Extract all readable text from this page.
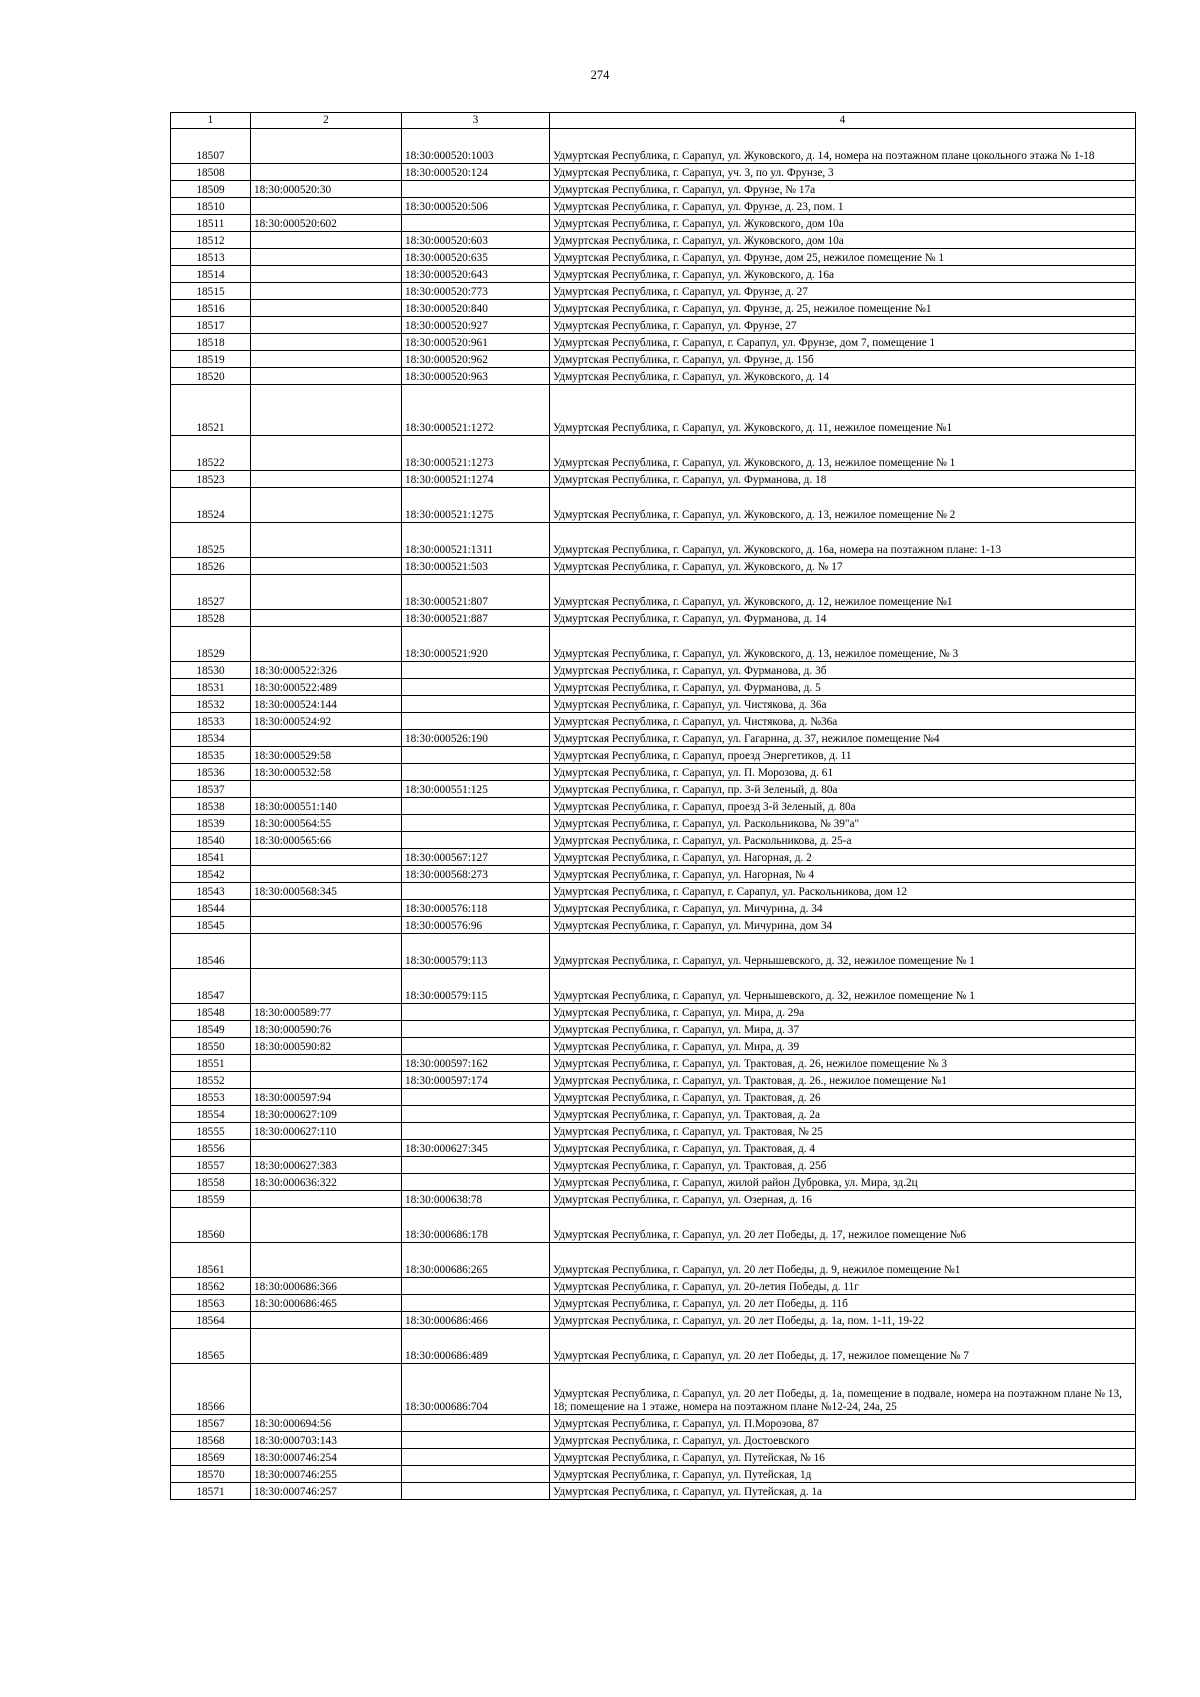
274
1	2	3	4
18507		18:30:000520:1003	Удмуртская Республика, г. Сарапул, ул. Жуковского, д. 14, номера на поэтажном плане цокольного этажа № 1-18
18508		18:30:000520:124	Удмуртская Республика, г. Сарапул, уч. 3, по ул. Фрунзе, 3
18509	18:30:000520:30		Удмуртская Республика, г. Сарапул, ул. Фрунзе, № 17а
18510		18:30:000520:506	Удмуртская Республика, г. Сарапул, ул. Фрунзе, д. 23, пом. 1
18511	18:30:000520:602		Удмуртская Республика, г. Сарапул, ул. Жуковского, дом 10а
18512		18:30:000520:603	Удмуртская Республика, г. Сарапул, ул. Жуковского, дом 10а
18513		18:30:000520:635	Удмуртская Республика, г. Сарапул, ул. Фрунзе, дом 25, нежилое помещение № 1
18514		18:30:000520:643	Удмуртская Республика, г. Сарапул, ул. Жуковского, д. 16а
18515		18:30:000520:773	Удмуртская Республика, г. Сарапул, ул. Фрунзе, д. 27
18516		18:30:000520:840	Удмуртская Республика, г. Сарапул, ул. Фрунзе, д. 25, нежилое помещение №1
18517		18:30:000520:927	Удмуртская Республика, г. Сарапул, ул. Фрунзе, 27
18518		18:30:000520:961	Удмуртская Республика, г. Сарапул, г. Сарапул, ул. Фрунзе, дом 7, помещение 1
18519		18:30:000520:962	Удмуртская Республика, г. Сарапул, ул. Фрунзе, д. 15б
18520		18:30:000520:963	Удмуртская Республика, г. Сарапул, ул. Жуковского, д. 14
18521		18:30:000521:1272	Удмуртская Республика, г. Сарапул, ул. Жуковского, д. 11, нежилое помещение №1
18522		18:30:000521:1273	Удмуртская Республика, г. Сарапул, ул. Жуковского, д. 13, нежилое помещение № 1
18523		18:30:000521:1274	Удмуртская Республика, г. Сарапул, ул. Фурманова, д. 18
18524		18:30:000521:1275	Удмуртская Республика, г. Сарапул, ул. Жуковского, д. 13, нежилое помещение № 2
18525		18:30:000521:1311	Удмуртская Республика, г. Сарапул, ул. Жуковского, д. 16а, номера на поэтажном плане: 1-13
18526		18:30:000521:503	Удмуртская Республика, г. Сарапул, ул. Жуковского, д. № 17
18527		18:30:000521:807	Удмуртская Республика, г. Сарапул, ул. Жуковского, д. 12, нежилое помещение №1
18528		18:30:000521:887	Удмуртская Республика, г. Сарапул, ул. Фурманова, д. 14
18529		18:30:000521:920	Удмуртская Республика, г. Сарапул, ул. Жуковского, д. 13, нежилое помещение, № 3
18530	18:30:000522:326		Удмуртская Республика, г. Сарапул, ул. Фурманова, д. 3б
18531	18:30:000522:489		Удмуртская Республика, г. Сарапул, ул. Фурманова, д. 5
18532	18:30:000524:144		Удмуртская Республика, г. Сарапул, ул. Чистякова, д. 36а
18533	18:30:000524:92		Удмуртская Республика, г. Сарапул, ул. Чистякова, д. №36а
18534		18:30:000526:190	Удмуртская Республика, г. Сарапул, ул. Гагарина, д. 37, нежилое помещение №4
18535	18:30:000529:58		Удмуртская Республика, г. Сарапул, проезд Энергетиков, д. 11
18536	18:30:000532:58		Удмуртская Республика, г. Сарапул, ул. П. Морозова, д. 61
18537		18:30:000551:125	Удмуртская Республика, г. Сарапул, пр. 3-й Зеленый, д. 80а
18538	18:30:000551:140		Удмуртская Республика, г. Сарапул, проезд 3-й Зеленый, д. 80а
18539	18:30:000564:55		Удмуртская Республика, г. Сарапул, ул. Раскольникова, № 39"а"
18540	18:30:000565:66		Удмуртская Республика, г. Сарапул, ул. Раскольникова, д. 25-а
18541		18:30:000567:127	Удмуртская Республика, г. Сарапул, ул. Нагорная, д. 2
18542		18:30:000568:273	Удмуртская Республика, г. Сарапул, ул. Нагорная, № 4
18543	18:30:000568:345		Удмуртская Республика, г. Сарапул, г. Сарапул, ул. Раскольникова, дом 12
18544		18:30:000576:118	Удмуртская Республика, г. Сарапул, ул. Мичурина, д. 34
18545		18:30:000576:96	Удмуртская Республика, г. Сарапул, ул. Мичурина, дом 34
18546		18:30:000579:113	Удмуртская Республика, г. Сарапул, ул. Чернышевского, д. 32, нежилое помещение № 1
18547		18:30:000579:115	Удмуртская Республика, г. Сарапул, ул. Чернышевского, д. 32, нежилое помещение № 1
18548	18:30:000589:77		Удмуртская Республика, г. Сарапул, ул. Мира, д. 29а
18549	18:30:000590:76		Удмуртская Республика, г. Сарапул, ул. Мира, д. 37
18550	18:30:000590:82		Удмуртская Республика, г. Сарапул, ул. Мира, д. 39
18551		18:30:000597:162	Удмуртская Республика, г. Сарапул, ул. Трактовая, д. 26, нежилое помещение № 3
18552		18:30:000597:174	Удмуртская Республика, г. Сарапул, ул. Трактовая, д. 26., нежилое помещение №1
18553	18:30:000597:94		Удмуртская Республика, г. Сарапул, ул. Трактовая, д. 26
18554	18:30:000627:109		Удмуртская Республика, г. Сарапул, ул. Трактовая, д. 2а
18555	18:30:000627:110		Удмуртская Республика, г. Сарапул, ул. Трактовая, № 25
18556		18:30:000627:345	Удмуртская Республика, г. Сарапул, ул. Трактовая, д. 4
18557	18:30:000627:383		Удмуртская Республика, г. Сарапул, ул. Трактовая, д. 25б
18558	18:30:000636:322		Удмуртская Республика, г. Сарапул, жилой район Дубровка, ул. Мира, зд.2ц
18559		18:30:000638:78	Удмуртская Республика, г. Сарапул, ул. Озерная, д. 16
18560		18:30:000686:178	Удмуртская Республика, г. Сарапул, ул. 20 лет Победы, д. 17, нежилое помещение №6
18561		18:30:000686:265	Удмуртская Республика, г. Сарапул, ул. 20 лет Победы, д. 9, нежилое помещение №1
18562	18:30:000686:366		Удмуртская Республика, г. Сарапул, ул. 20-летия Победы, д. 11г
18563	18:30:000686:465		Удмуртская Республика, г. Сарапул, ул. 20 лет Победы, д. 11б
18564		18:30:000686:466	Удмуртская Республика, г. Сарапул, ул. 20 лет Победы, д. 1а, пом. 1-11, 19-22
18565		18:30:000686:489	Удмуртская Республика, г. Сарапул, ул. 20 лет Победы, д. 17, нежилое помещение № 7
18566		18:30:000686:704	Удмуртская Республика, г. Сарапул, ул. 20 лет Победы, д. 1а, помещение в подвале, номера на поэтажном плане № 13, 18; помещение на 1 этаже, номера на поэтажном плане №12-24, 24а, 25
18567	18:30:000694:56		Удмуртская Республика, г. Сарапул, ул. П.Морозова, 87
18568	18:30:000703:143		Удмуртская Республика, г. Сарапул, ул. Достоевского
18569	18:30:000746:254		Удмуртская Республика, г. Сарапул, ул. Путейская, № 16
18570	18:30:000746:255		Удмуртская Республика, г. Сарапул, ул. Путейская, 1д
18571	18:30:000746:257		Удмуртская Республика, г. Сарапул, ул. Путейская, д. 1а
